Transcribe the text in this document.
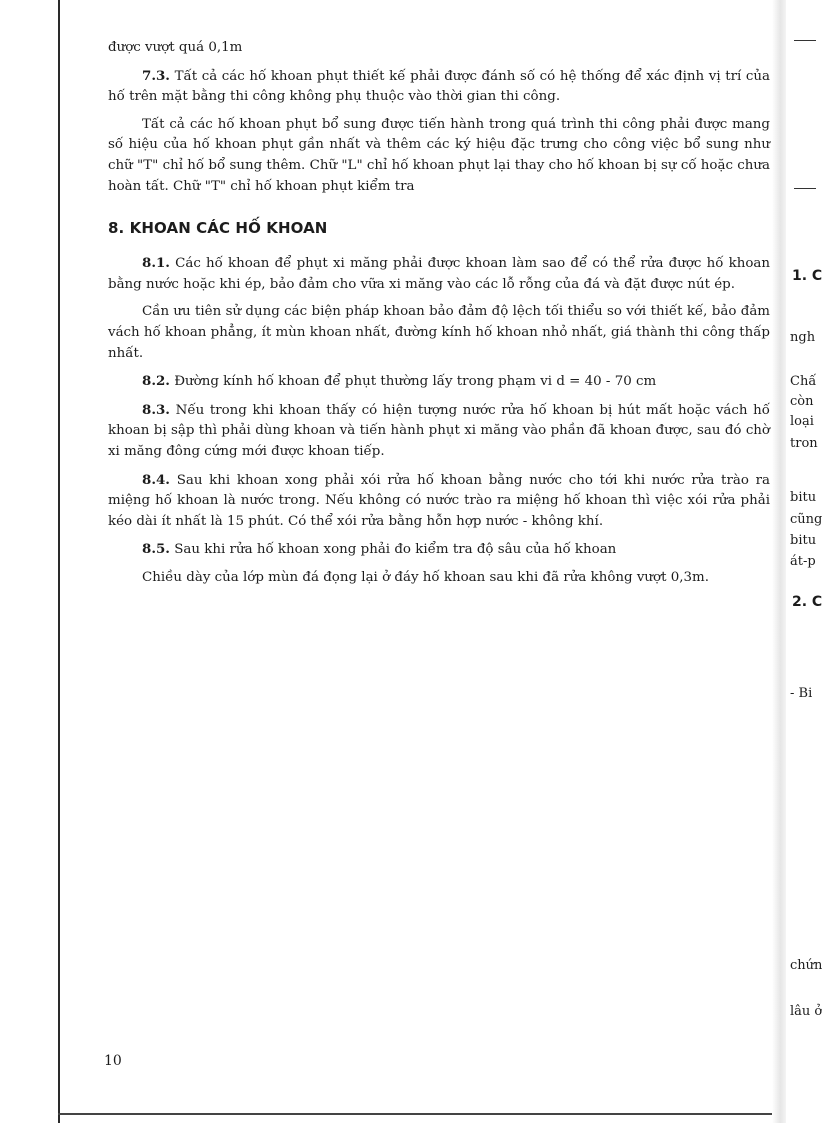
1. C
ngh
Chấ
còn
loại
tron
bitu
cũng
bitu
át-p
2. C
- Bi
chứn
lâu ở

được vượt quá 0,1m

7.3. Tất cả các hố khoan phụt thiết kế phải được đánh số có hệ thống để xác định vị trí của hố trên mặt bằng thi công không phụ thuộc vào thời gian thi công.

Tất cả các hố khoan phụt bổ sung được tiến hành trong quá trình thi công phải được mang số hiệu của hố khoan phụt gần nhất và thêm các ký hiệu đặc trưng cho công việc bổ sung như chữ "T" chỉ hố bổ sung thêm. Chữ "L" chỉ hố khoan phụt lại thay cho hố khoan bị sự cố hoặc chưa hoàn tất. Chữ "T" chỉ hố khoan phụt kiểm tra

8. KHOAN CÁC HỐ KHOAN

8.1. Các hố khoan để phụt xi măng phải được khoan làm sao để có thể rửa được hố khoan bằng nước hoặc khi ép, bảo đảm cho vữa xi măng vào các lỗ rỗng của đá và đặt được nút ép.

Cần ưu tiên sử dụng các biện pháp khoan bảo đảm độ lệch tối thiểu so với thiết kế, bảo đảm vách hố khoan phẳng, ít mùn khoan nhất, đường kính hố khoan nhỏ nhất, giá thành thi công thấp nhất.

8.2. Đường kính hố khoan để phụt thường lấy trong phạm vi d = 40 - 70 cm

8.3. Nếu trong khi khoan thấy có hiện tượng nước rửa hố khoan bị hút mất hoặc vách hố khoan bị sập thì phải dùng khoan và tiến hành phụt xi măng vào phần đã khoan được, sau đó chờ xi măng đông cứng mới được khoan tiếp.

8.4. Sau khi khoan xong phải xói rửa hố khoan bằng nước cho tới khi nước rửa trào ra miệng hố khoan là nước trong. Nếu không có nước trào ra miệng hố khoan thì việc xói rửa phải kéo dài ít nhất là 15 phút. Có thể xói rửa bằng hỗn hợp nước - không khí.

8.5. Sau khi rửa hố khoan xong phải đo kiểm tra độ sâu của hố khoan

Chiều dày của lớp mùn đá đọng lại ở đáy hố khoan sau khi đã rửa không vượt 0,3m.

10
